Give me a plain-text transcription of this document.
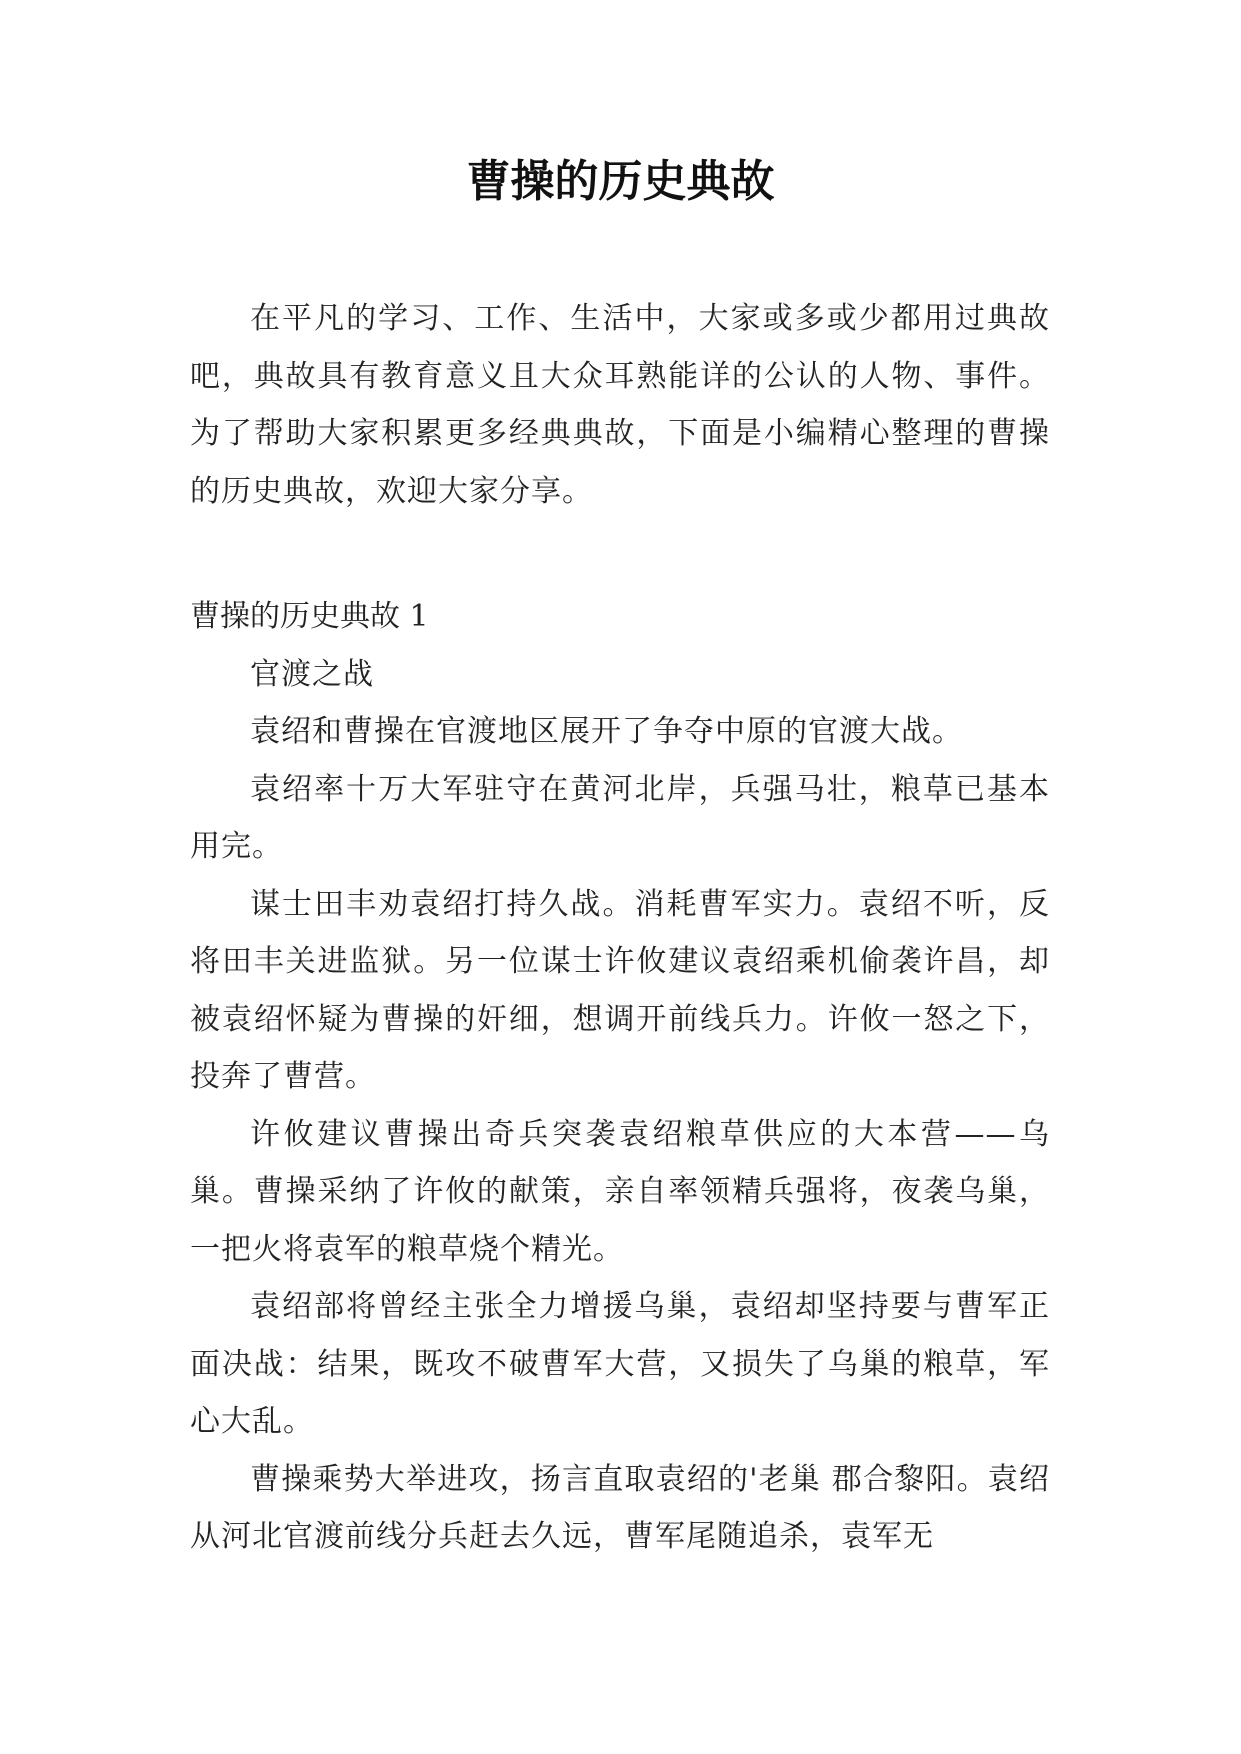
曹操的历史典故

在平凡的学习、工作、生活中，大家或多或少都用过典故吧，典故具有教育意义且大众耳熟能详的公认的人物、事件。为了帮助大家积累更多经典典故，下面是小编精心整理的曹操的历史典故，欢迎大家分享。

曹操的历史典故 1

官渡之战

袁绍和曹操在官渡地区展开了争夺中原的官渡大战。

袁绍率十万大军驻守在黄河北岸，兵强马壮，粮草已基本用完。

谋士田丰劝袁绍打持久战。消耗曹军实力。袁绍不听，反将田丰关进监狱。另一位谋士许攸建议袁绍乘机偷袭许昌，却被袁绍怀疑为曹操的奸细，想调开前线兵力。许攸一怒之下，投奔了曹营。

许攸建议曹操出奇兵突袭袁绍粮草供应的大本营——乌巢。曹操采纳了许攸的献策，亲自率领精兵强将，夜袭乌巢，一把火将袁军的粮草烧个精光。

袁绍部将曾经主张全力增援乌巢，袁绍却坚持要与曹军正面决战：结果，既攻不破曹军大营，又损失了乌巢的粮草，军心大乱。

曹操乘势大举进攻，扬言直取袁绍的'老巢 郡合黎阳。袁绍从河北官渡前线分兵赶去久远，曹军尾随追杀，袁军无
